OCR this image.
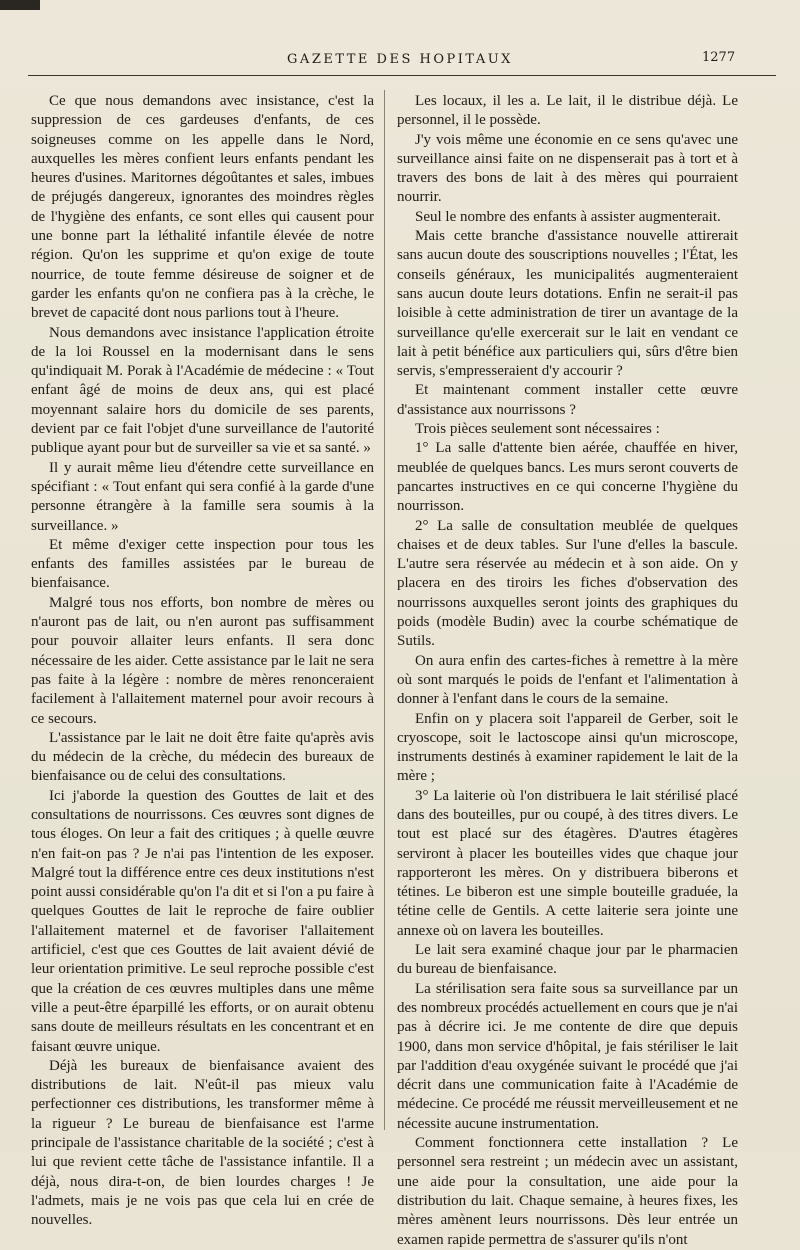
GAZETTE DES HOPITAUX	1277

Ce que nous demandons avec insistance, c'est la suppression de ces gardeuses d'enfants, de ces soigneuses comme on les appelle dans le Nord, auxquelles les mères confient leurs enfants pendant les heures d'usines. Maritornes dégoûtantes et sales, imbues de préjugés dangereux, ignorantes des moindres règles de l'hygiène des enfants, ce sont elles qui causent pour une bonne part la léthalité infantile élevée de notre région. Qu'on les supprime et qu'on exige de toute nourrice, de toute femme désireuse de soigner et de garder les enfants qu'on ne confiera pas à la crèche, le brevet de capacité dont nous parlions tout à l'heure.

Nous demandons avec insistance l'application étroite de la loi Roussel en la modernisant dans le sens qu'indiquait M. Porak à l'Académie de médecine : « Tout enfant âgé de moins de deux ans, qui est placé moyennant salaire hors du domicile de ses parents, devient par ce fait l'objet d'une surveillance de l'autorité publique ayant pour but de surveiller sa vie et sa santé. »

Il y aurait même lieu d'étendre cette surveillance en spécifiant : « Tout enfant qui sera confié à la garde d'une personne étrangère à la famille sera soumis à la surveillance. »

Et même d'exiger cette inspection pour tous les enfants des familles assistées par le bureau de bienfaisance.

Malgré tous nos efforts, bon nombre de mères ou n'auront pas de lait, ou n'en auront pas suffisamment pour pouvoir allaiter leurs enfants. Il sera donc nécessaire de les aider. Cette assistance par le lait ne sera pas faite à la légère : nombre de mères renonceraient facilement à l'allaitement maternel pour avoir recours à ce secours.

L'assistance par le lait ne doit être faite qu'après avis du médecin de la crèche, du médecin des bureaux de bienfaisance ou de celui des consultations.

Ici j'aborde la question des Gouttes de lait et des consultations de nourrissons. Ces œuvres sont dignes de tous éloges. On leur a fait des critiques ; à quelle œuvre n'en fait-on pas ? Je n'ai pas l'intention de les exposer. Malgré tout la différence entre ces deux institutions n'est point aussi considérable qu'on l'a dit et si l'on a pu faire à quelques Gouttes de lait le reproche de faire oublier l'allaitement maternel et de favoriser l'allaitement artificiel, c'est que ces Gouttes de lait avaient dévié de leur orientation primitive. Le seul reproche possible c'est que la création de ces œuvres multiples dans une même ville a peut-être éparpillé les efforts, or on aurait obtenu sans doute de meilleurs résultats en les concentrant et en faisant œuvre unique.

Déjà les bureaux de bienfaisance avaient des distributions de lait. N'eût-il pas mieux valu perfectionner ces distributions, les transformer même à la rigueur ? Le bureau de bienfaisance est l'arme principale de l'assistance charitable de la société ; c'est à lui que revient cette tâche de l'assistance infantile. Il a déjà, nous dira-t-on, de bien lourdes charges ! Je l'admets, mais je ne vois pas que cela lui en crée de nouvelles.

Les locaux, il les a. Le lait, il le distribue déjà. Le personnel, il le possède.

J'y vois même une économie en ce sens qu'avec une surveillance ainsi faite on ne dispenserait pas à tort et à travers des bons de lait à des mères qui pourraient nourrir.

Seul le nombre des enfants à assister augmenterait.

Mais cette branche d'assistance nouvelle attirerait sans aucun doute des souscriptions nouvelles ; l'État, les conseils généraux, les municipalités augmenteraient sans aucun doute leurs dotations. Enfin ne serait-il pas loisible à cette administration de tirer un avantage de la surveillance qu'elle exercerait sur le lait en vendant ce lait à petit bénéfice aux particuliers qui, sûrs d'être bien servis, s'empresseraient d'y accourir ?

Et maintenant comment installer cette œuvre d'assistance aux nourrissons ?

Trois pièces seulement sont nécessaires :

1° La salle d'attente bien aérée, chauffée en hiver, meublée de quelques bancs. Les murs seront couverts de pancartes instructives en ce qui concerne l'hygiène du nourrisson.

2° La salle de consultation meublée de quelques chaises et de deux tables. Sur l'une d'elles la bascule. L'autre sera réservée au médecin et à son aide. On y placera en des tiroirs les fiches d'observation des nourrissons auxquelles seront joints des graphiques du poids (modèle Budin) avec la courbe schématique de Sutils.

On aura enfin des cartes-fiches à remettre à la mère où sont marqués le poids de l'enfant et l'alimentation à donner à l'enfant dans le cours de la semaine.

Enfin on y placera soit l'appareil de Gerber, soit le cryoscope, soit le lactoscope ainsi qu'un microscope, instruments destinés à examiner rapidement le lait de la mère ;

3° La laiterie où l'on distribuera le lait stérilisé placé dans des bouteilles, pur ou coupé, à des titres divers. Le tout est placé sur des étagères. D'autres étagères serviront à placer les bouteilles vides que chaque jour rapporteront les mères. On y distribuera biberons et tétines. Le biberon est une simple bouteille graduée, la tétine celle de Gentils. A cette laiterie sera jointe une annexe où on lavera les bouteilles.

Le lait sera examiné chaque jour par le pharmacien du bureau de bienfaisance.

La stérilisation sera faite sous sa surveillance par un des nombreux procédés actuellement en cours que je n'ai pas à décrire ici. Je me contente de dire que depuis 1900, dans mon service d'hôpital, je fais stériliser le lait par l'addition d'eau oxygénée suivant le procédé que j'ai décrit dans une communication faite à l'Académie de médecine. Ce procédé me réussit merveilleusement et ne nécessite aucune instrumentation.

Comment fonctionnera cette installation ? Le personnel sera restreint ; un médecin avec un assistant, une aide pour la consultation, une aide pour la distribution du lait. Chaque semaine, à heures fixes, les mères amènent leurs nourrissons. Dès leur entrée un examen rapide permettra de s'assurer qu'ils n'ont
